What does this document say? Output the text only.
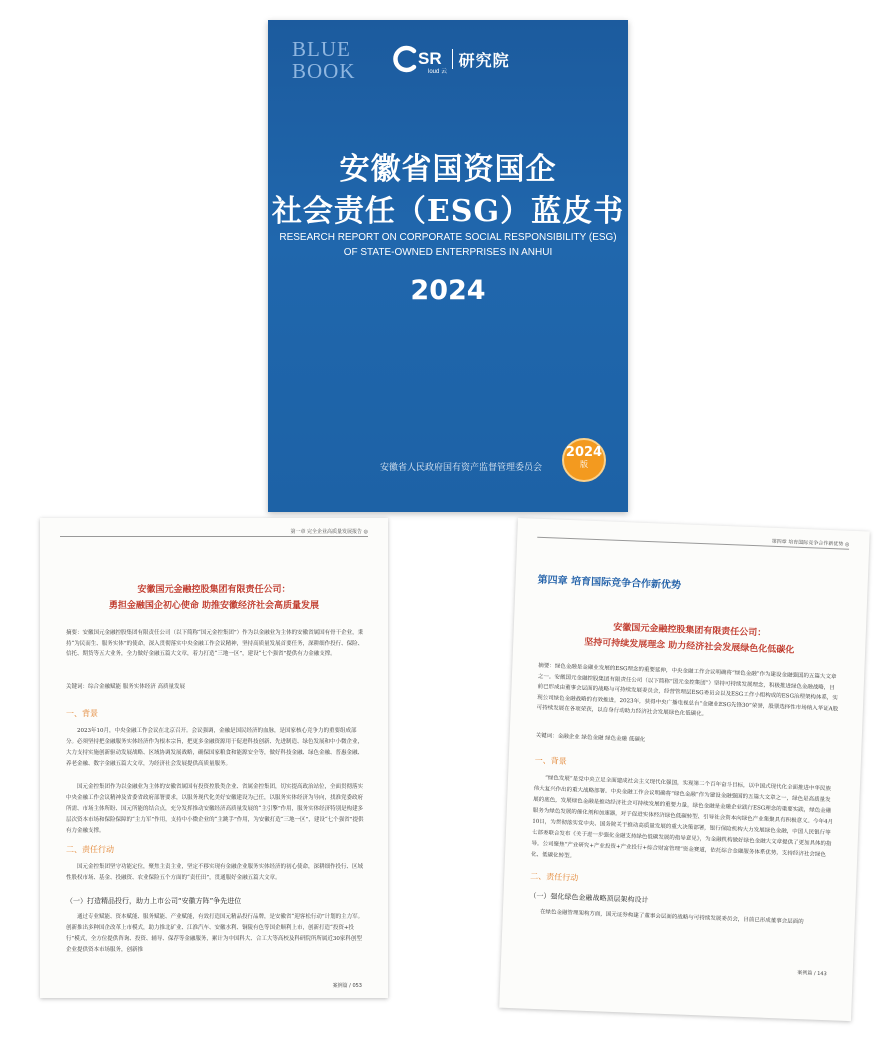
BLUE
BOOK
SR
loud 云
研究院
安徽省国资国企
社会责任（ESG）蓝皮书
RESEARCH REPORT ON CORPORATE SOCIAL RESPONSIBILITY (ESG)
OF STATE-OWNED ENTERPRISES IN ANHUI
2024
安徽省人民政府国有资产监督管理委员会
2024
版
第一章 完全企业高质量发展报告 ◎
安徽国元金融控股集团有限责任公司：
勇担金融国企初心使命 助推安徽经济社会高质量发展
摘要：安徽国元金融控股集团有限责任公司（以下简称“国元金控集团”）作为以金融业为主体的安徽省属国有骨干企业，秉持“为民而生、服务实体”的使命，深入贯彻落实中央金融工作会议精神，坚持高质量发展首要任务，深耕细作投行、保险、信托、期货等五大业务，全力做好金融五篇大文章，着力打造“三地一区”，建设“七个强省”提供有力金融支撑。
关键词：综合金融赋能 服务实体经济 高质量发展
一、背景
2023年10月，中央金融工作会议在北京召开。会议强调，金融是国民经济的血脉，是国家核心竞争力的重要组成部分。必须坚持把金融服务实体经济作为根本宗旨，把更多金融资源用于促进科技创新、先进制造、绿色发展和中小微企业，大力支持实施创新驱动发展战略、区域协调发展战略，确保国家粮食和能源安全等，做好科技金融、绿色金融、普惠金融、养老金融、数字金融五篇大文章，为经济社会发展提供高质量服务。
国元金控集团作为以金融业为主体的安徽省属国有投资控股类企业、省属金控集团，切实提高政治站位，全面贯彻落实中央金融工作会议精神及省委省政府部署要求，以服务现代化美好安徽建设为己任，以服务实体经济为导向，找准党委政府所需、市场主体所盼、国元所能的结合点，充分发挥推动安徽经济高质量发展的“主引擎”作用，服务实体经济特别是构建多层次资本市场和保险保障的“主力军”作用，支持中小微企业的“主跳手”作用，为安徽打造“三地一区”，建设“七个强省”提供有力金融支撑。
二、责任行动
国元金控集团坚守功能定位，聚焦主责主业，坚定不移实现有金融企业服务实体经济的初心使命，深耕细作投行、区域性股权市场、基金、投融资、农业保险五个方面的“责任田”，贯通服好金融五篇大文章。
（一）打造精品投行，助力上市公司“安徽方阵”争先进位
通过专业赋能、资本赋能、服务赋能、产业赋能，有效打造国元精品投行品牌，是安徽省“迎客松行动”计划的主力军。创新推出多种国企改革上市模式，助力推北矿业、江淮汽车、安徽水利、铜陵有色等国企顺利上市，创新打造“投资+投行”模式，全方位提供咨询、投资、辅导、保荐等金融服务，累计为中国科大、合工大等高校及科研院所所属近30家科创型企业提供资本市场服务，创新推
案例篇 / 053
第四章 培育国际竞争合作新优势 ◎
第四章 培育国际竞争合作新优势
安徽国元金融控股集团有限责任公司：
坚持可持续发展理念 助力经济社会发展绿色化低碳化
摘要：绿色金融是金融业发展的ESG理念的重要延伸，中央金融工作会议明确将“绿色金融”作为建设金融强国的五篇大文章之一。安徽国元金融控股集团有限责任公司（以下简称“国元金控集团”）坚持可持续发展理念，积极推进绿色金融战略，目前已形成由董事会层面的战略与可持续发展委员会，经营管理层ESG委员会以及ESG工作小组构成的ESG治理架构体系，实现公司绿色金融战略的有效推进。2023年，获得中央广播电视总台“金融业ESG先锋30”荣誉，股票选择性市场纳入华证A股可持续发展在各项荣获，以自身行动助力经济社会发展绿色化低碳化。
关键词：金融企业 绿色金融 绿色金融 低碳化
一、背景
“绿色发展”是党中央立足全面建成社会主义现代化强国，实现第二个百年奋斗目标，以中国式现代化全面推进中华民族伟大复兴作出的重大战略部署。中央金融工作会议明确将“绿色金融”作为建设金融强国的五篇大文章之一，绿色是高质量发展的底色，发展绿色金融是推动经济社会可持续发展的重要力量。绿色金融是金融企业践行ESG理念的重要实践，绿色金融服务为绿色发展的催化剂和加速器。对于促进实体经济绿色低碳转型、引导社会资本向绿色产业集聚具有积极意义。今年4月10日，为贯彻落实党中央、国务院关于推动高质量发展的重大决策部署，银行保险机构大力发展绿色金融，中国人民银行等七部委联合发布《关于进一步强化金融支持绿色低碳发展的指导意见》，为金融机构做好绿色金融大文章提供了更加具体的指导。公司聚焦“产业研究+产业投资+产业投行+综合财富管理”资金赛道，依托综合金融服务体系优势，支持经济社会绿色化、低碳化转型。
二、责任行动
（一）强化绿色金融战略顶层架构设计
在绿色金融管理架构方面，国元证券构建了董事会层面的战略与可持续发展委员会，目前已形成董事会层面的
案例篇 / 143
